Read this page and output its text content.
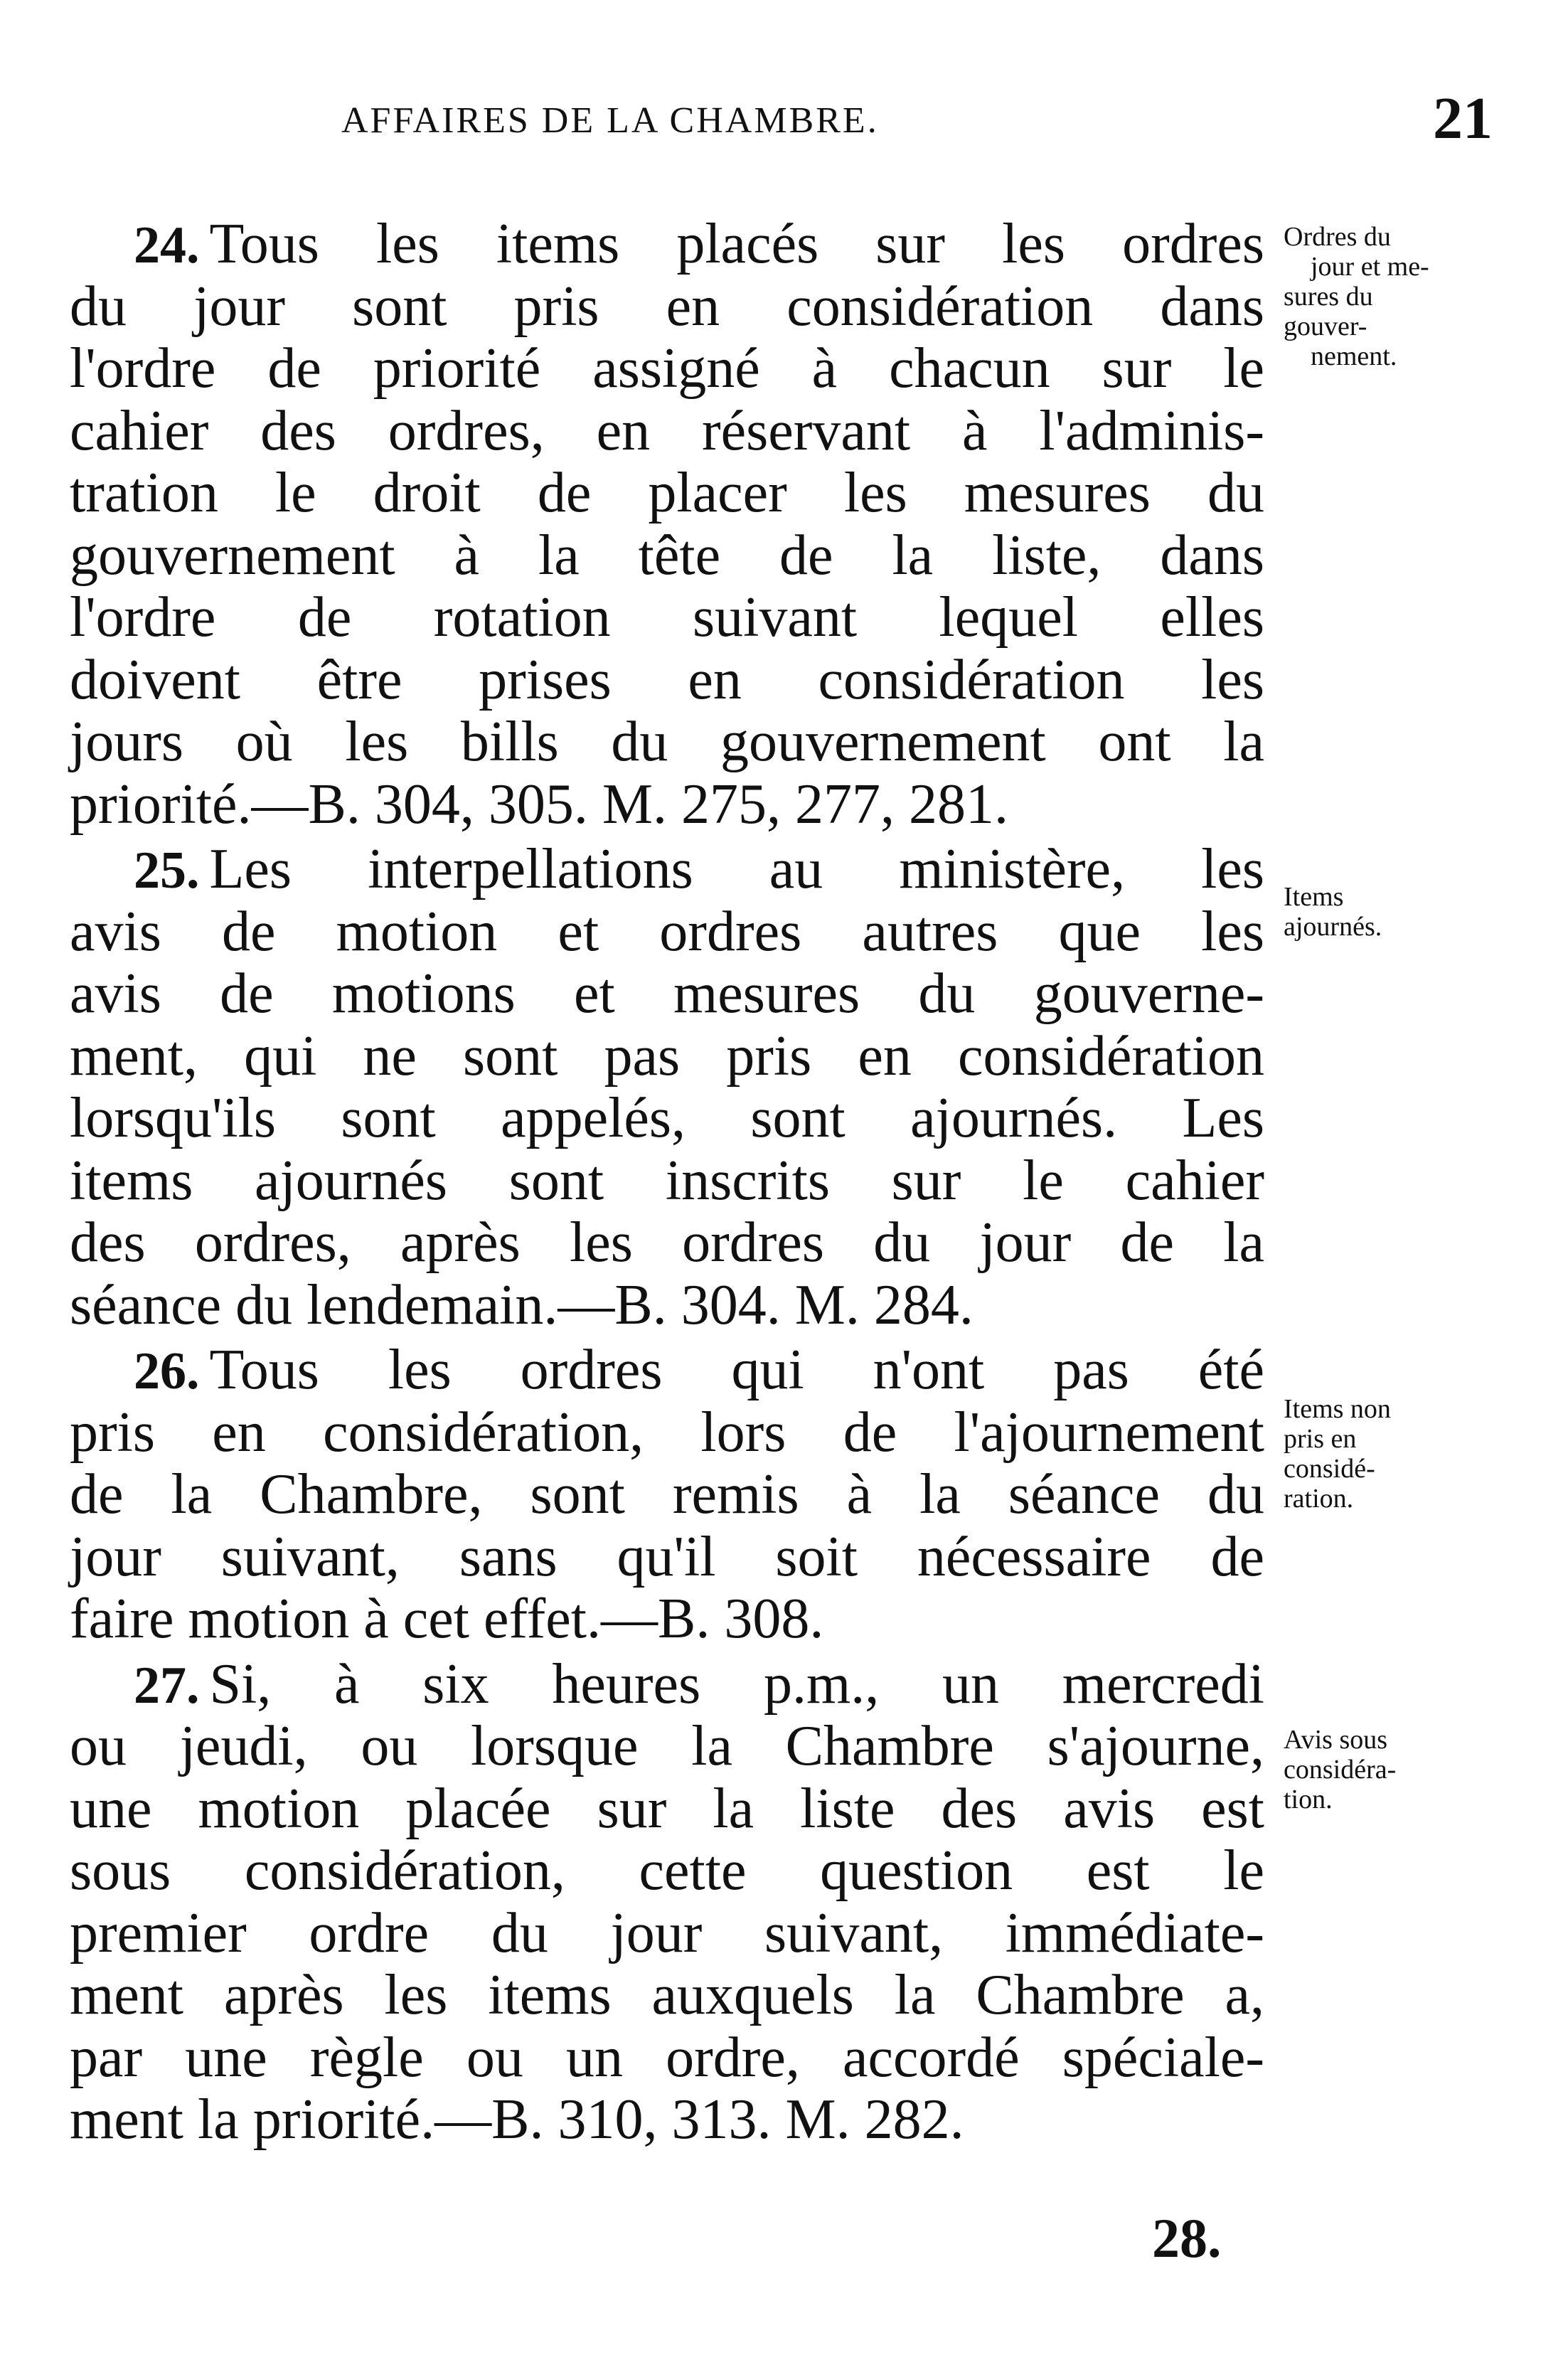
AFFAIRES DE LA CHAMBRE.	21
24. Tous les items placés sur les ordres
du jour sont pris en considération dans
l'ordre de priorité assigné à chacun sur le
cahier des ordres, en réservant à l'adminis-
tration le droit de placer les mesures du
gouvernement à la tête de la liste, dans
l'ordre de rotation suivant lequel elles
doivent être prises en considération les
jours où les bills du gouvernement ont la
priorité.—B. 304, 305. M. 275, 277, 281.
25. Les interpellations au ministère, les
avis de motion et ordres autres que les
avis de motions et mesures du gouverne-
ment, qui ne sont pas pris en considération
lorsqu'ils sont appelés, sont ajournés. Les
items ajournés sont inscrits sur le cahier
des ordres, après les ordres du jour de la
séance du lendemain.—B. 304. M. 284.
26. Tous les ordres qui n'ont pas été
pris en considération, lors de l'ajournement
de la Chambre, sont remis à la séance du
jour suivant, sans qu'il soit nécessaire de
faire motion à cet effet.—B. 308.
27. Si, à six heures p.m., un mercredi
ou jeudi, ou lorsque la Chambre s'ajourne,
une motion placée sur la liste des avis est
sous considération, cette question est le
premier ordre du jour suivant, immédiate-
ment après les items auxquels la Chambre a,
par une règle ou un ordre, accordé spéciale-
ment la priorité.—B. 310, 313. M. 282.
Ordres du
jour et me-
sures du
gouver-
nement.
Items
ajournés.
Items non
pris en
considé-
ration.
Avis sous
considéra-
tion.
28.
